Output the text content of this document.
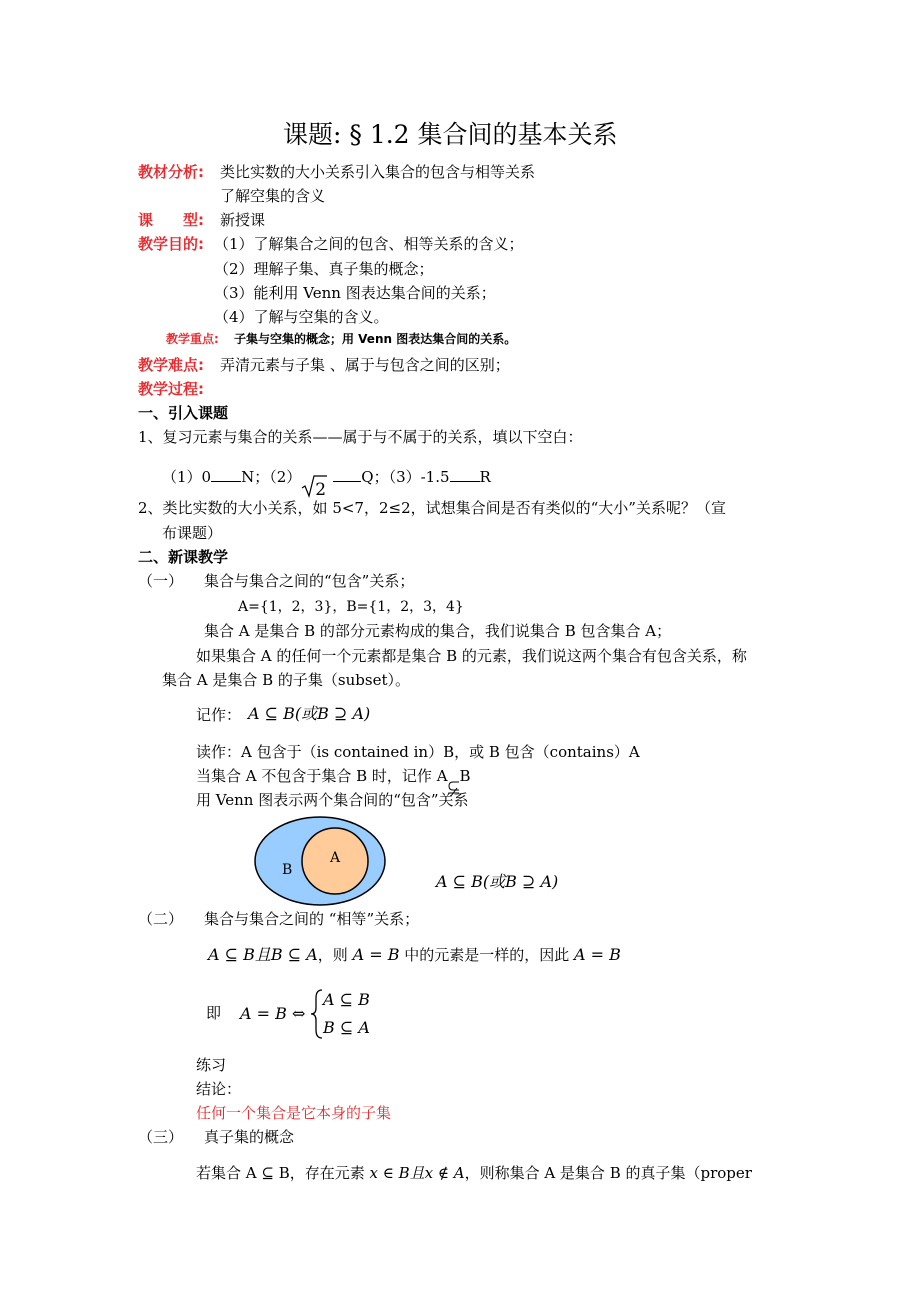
课题: § 1.2 集合间的基本关系
教材分析: 类比实数的大小关系引入集合的包含与相等关系
了解空集的含义
课　　型: 新授课
教学目的: （1）了解集合之间的包含、相等关系的含义；
（2）理解子集、真子集的概念；
（3）能利用 Venn 图表达集合间的关系；
（4）了解与空集的含义。
教学重点: 子集与空集的概念；用 Venn 图表达集合间的关系。
教学难点: 弄清元素与子集 、属于与包含之间的区别；
教学过程:
一、引入课题
1、复习元素与集合的关系——属于与不属于的关系，填以下空白：
（1）0 N；（2）
2
Q；（3）-1.5 R
2、类比实数的大小关系，如 5<7，2≤2，试想集合间是否有类似的“大小”关系呢？（宣
布课题）
二、新课教学
（一） 集合与集合之间的“包含”关系；
A={1，2，3}，B={1，2，3，4}
集合 A 是集合 B 的部分元素构成的集合，我们说集合 B 包含集合 A；
如果集合 A 的任何一个元素都是集合 B 的元素，我们说这两个集合有包含关系，称
集合 A 是集合 B 的子集（subset）。
记作： A ⊆ B(或B ⊇ A)
读作：A 包含于（is contained in）B，或 B 包含（contains）A
当集合 A 不包含于集合 B 时，记作 A B
用 Venn 图表示两个集合间的“包含”关系
A
B
A ⊆ B(或B ⊇ A)
（二） 集合与集合之间的 “相等”关系；
A ⊆ B且B ⊆ A，则 A = B 中的元素是一样的，因此 A = B
即 A = B ⇔
A ⊆ B
B ⊆ A
练习
结论：
任何一个集合是它本身的子集
（三） 真子集的概念
若集合 A ⊆ B，存在元素 x ∈ B且x ∉ A，则称集合 A 是集合 B 的真子集（proper
